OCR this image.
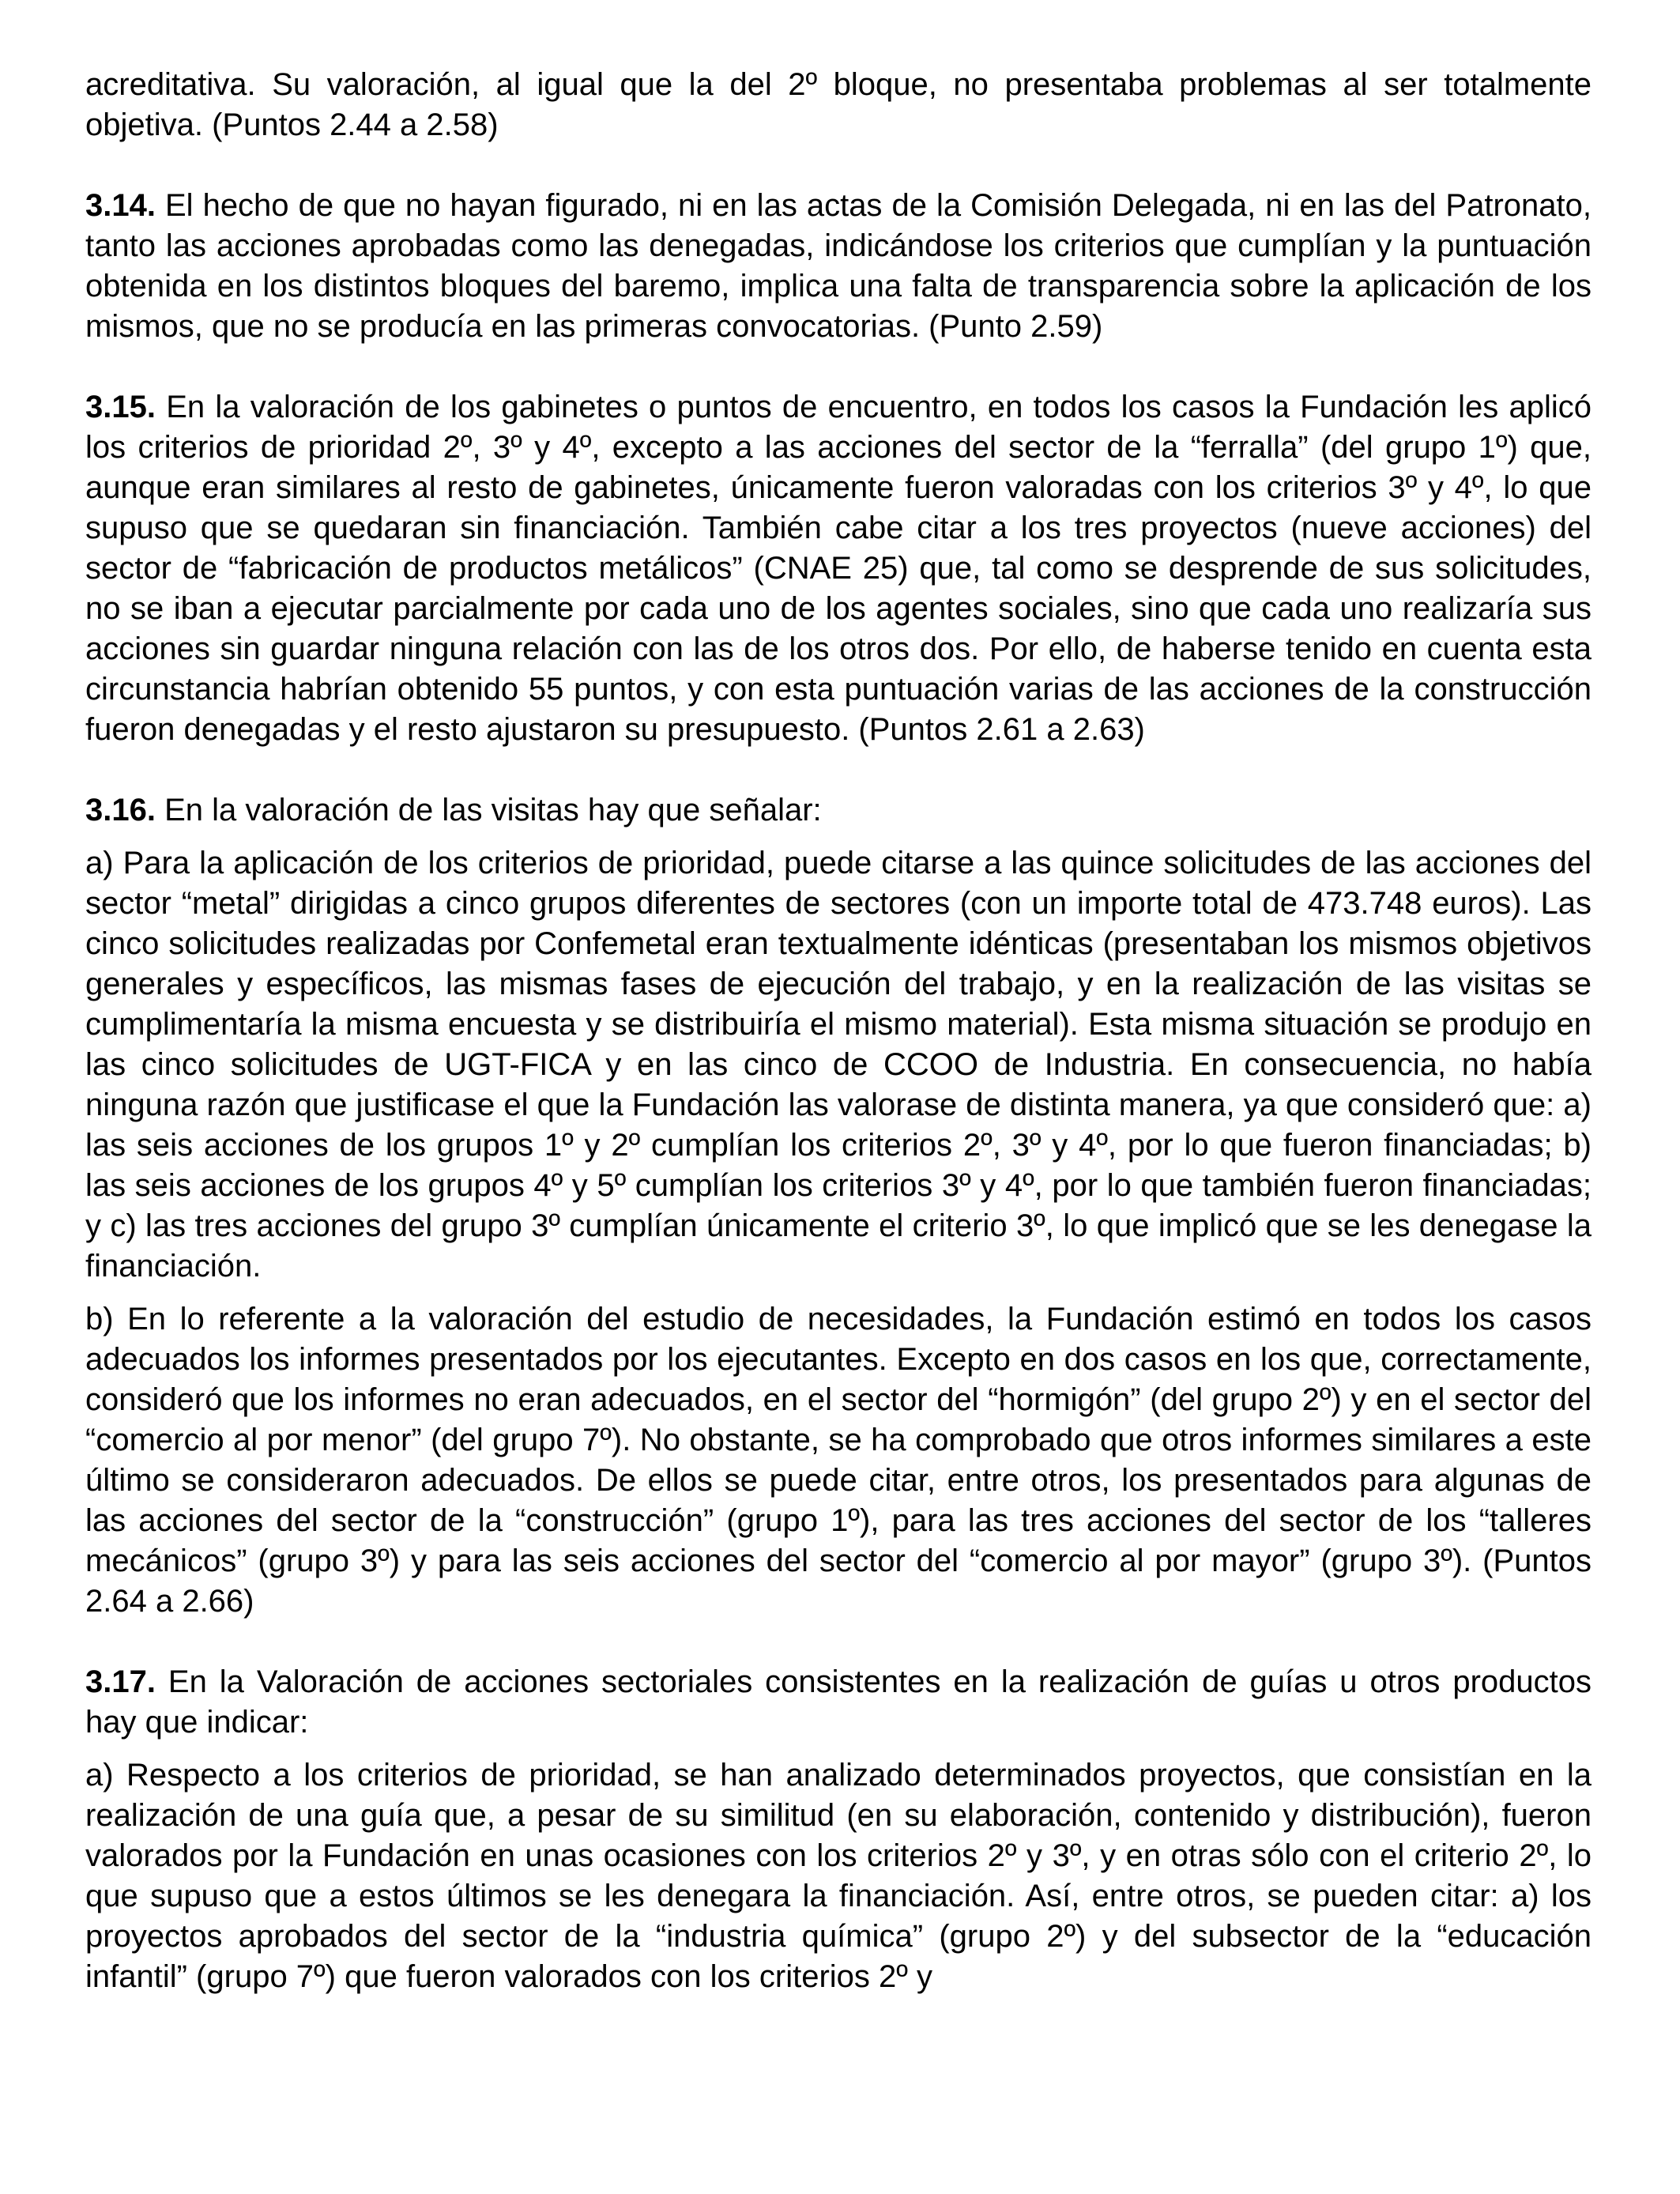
acreditativa. Su valoración, al igual que la del 2º bloque, no presentaba problemas al ser totalmente objetiva. (Puntos 2.44 a 2.58)

3.14. El hecho de que no hayan figurado, ni en las actas de la Comisión Delegada, ni en las del Patronato, tanto las acciones aprobadas como las denegadas, indicándose los criterios que cumplían y la puntuación obtenida en los distintos bloques del baremo, implica una falta de transparencia sobre la aplicación de los mismos, que no se producía en las primeras convocatorias. (Punto 2.59)

3.15. En la valoración de los gabinetes o puntos de encuentro, en todos los casos la Fundación les aplicó los criterios de prioridad 2º, 3º y 4º, excepto a las acciones del sector de la “ferralla” (del grupo 1º) que, aunque eran similares al resto de gabinetes, únicamente fueron valoradas con los criterios 3º y 4º, lo que supuso que se quedaran sin financiación. También cabe citar a los tres proyectos (nueve acciones) del sector de “fabricación de productos metálicos” (CNAE 25) que, tal como se desprende de sus solicitudes, no se iban a ejecutar parcialmente por cada uno de los agentes sociales, sino que cada uno realizaría sus acciones sin guardar ninguna relación con las de los otros dos. Por ello, de haberse tenido en cuenta esta circunstancia habrían obtenido 55 puntos, y con esta puntuación varias de las acciones de la construcción fueron denegadas y el resto ajustaron su presupuesto. (Puntos 2.61 a 2.63)

3.16. En la valoración de las visitas hay que señalar:

a) Para la aplicación de los criterios de prioridad, puede citarse a las quince solicitudes de las acciones del sector “metal” dirigidas a cinco grupos diferentes de sectores (con un importe total de 473.748 euros). Las cinco solicitudes realizadas por Confemetal eran textualmente idénticas (presentaban los mismos objetivos generales y específicos, las mismas fases de ejecución del trabajo, y en la realización de las visitas se cumplimentaría la misma encuesta y se distribuiría el mismo material). Esta misma situación se produjo en las cinco solicitudes de UGT-FICA y en las cinco de CCOO de Industria. En consecuencia, no había ninguna razón que justificase el que la Fundación las valorase de distinta manera, ya que consideró que: a) las seis acciones de los grupos 1º y 2º cumplían los criterios 2º, 3º y 4º, por lo que fueron financiadas; b) las seis acciones de los grupos 4º y 5º cumplían los criterios 3º y 4º, por lo que también fueron financiadas; y c) las tres acciones del grupo 3º cumplían únicamente el criterio 3º, lo que implicó que se les denegase la financiación.

b) En lo referente a la valoración del estudio de necesidades, la Fundación estimó en todos los casos adecuados los informes presentados por los ejecutantes. Excepto en dos casos en los que, correctamente, consideró que los informes no eran adecuados, en el sector del “hormigón” (del grupo 2º) y en el sector del “comercio al por menor” (del grupo 7º). No obstante, se ha comprobado que otros informes similares a este último se consideraron adecuados. De ellos se puede citar, entre otros, los presentados para algunas de las acciones del sector de la “construcción” (grupo 1º), para las tres acciones del sector de los “talleres mecánicos” (grupo 3º) y para las seis acciones del sector del “comercio al por mayor” (grupo 3º). (Puntos 2.64 a 2.66)

3.17. En la Valoración de acciones sectoriales consistentes en la realización de guías u otros productos hay que indicar:

a) Respecto a los criterios de prioridad, se han analizado determinados proyectos, que consistían en la realización de una guía que, a pesar de su similitud (en su elaboración, contenido y distribución), fueron valorados por la Fundación en unas ocasiones con los criterios 2º y 3º, y en otras sólo con el criterio 2º, lo que supuso que a estos últimos se les denegara la financiación. Así, entre otros, se pueden citar: a) los proyectos aprobados del sector de la “industria química” (grupo 2º) y del subsector de la “educación infantil” (grupo 7º) que fueron valorados con los criterios 2º y
